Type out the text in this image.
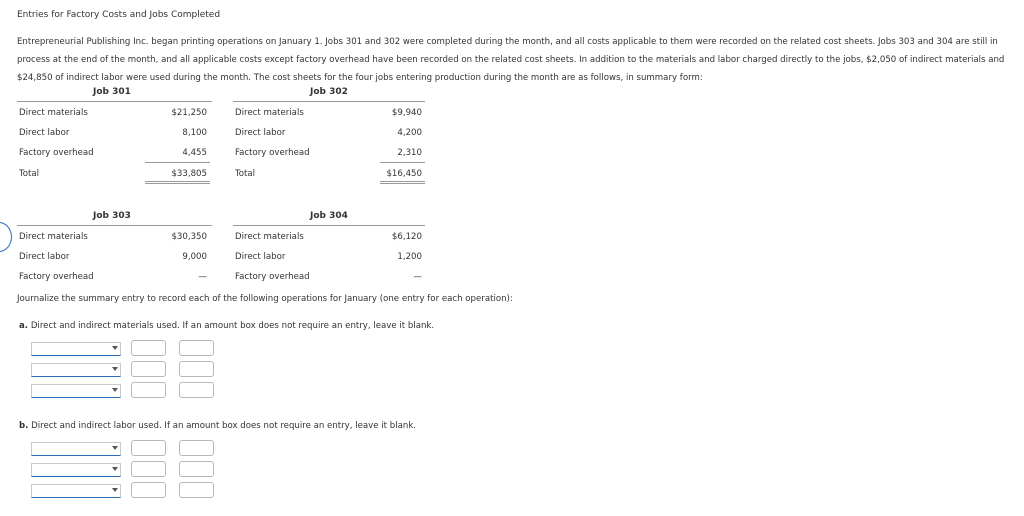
Entries for Factory Costs and Jobs Completed
Entrepreneurial Publishing Inc. began printing operations on January 1. Jobs 301 and 302 were completed during the month, and all costs applicable to them were recorded on the related cost sheets. Jobs 303 and 304 are still in process at the end of the month, and all applicable costs except factory overhead have been recorded on the related cost sheets. In addition to the materials and labor charged directly to the jobs, $2,050 of indirect materials and $24,850 of indirect labor were used during the month. The cost sheets for the four jobs entering production during the month are as follows, in summary form:
Job 301
Direct materials	$21,250
Direct labor	8,100
Factory overhead	4,455
Total	$33,805
Job 302
Direct materials	$9,940
Direct labor	4,200
Factory overhead	2,310
Total	$16,450
Job 303
Direct materials	$30,350
Direct labor	9,000
Factory overhead	—
Job 304
Direct materials	$6,120
Direct labor	1,200
Factory overhead	—
Journalize the summary entry to record each of the following operations for January (one entry for each operation):
a. Direct and indirect materials used. If an amount box does not require an entry, leave it blank.
b. Direct and indirect labor used. If an amount box does not require an entry, leave it blank.
